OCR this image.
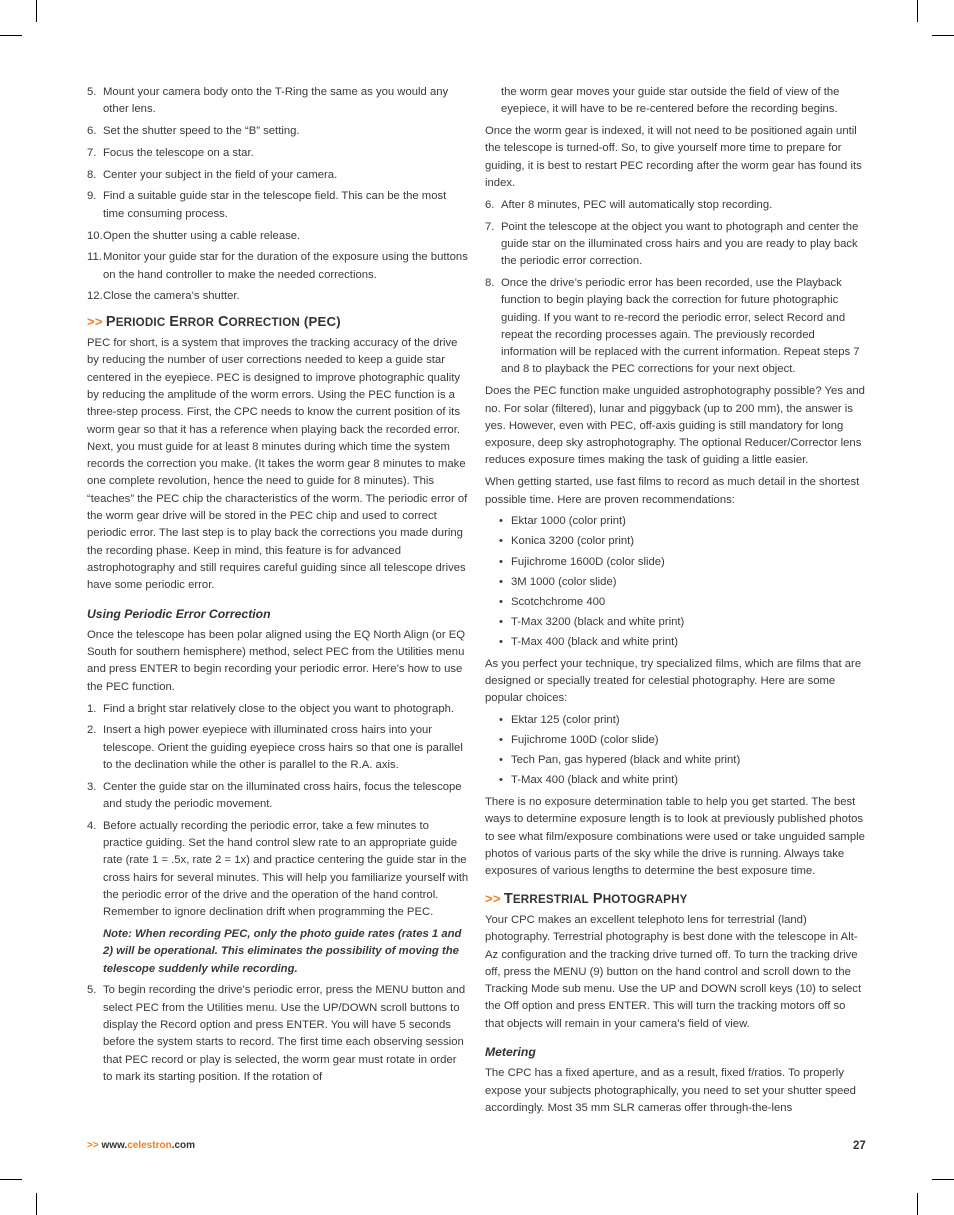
5. Mount your camera body onto the T-Ring the same as you would any other lens.
6. Set the shutter speed to the “B” setting.
7. Focus the telescope on a star.
8. Center your subject in the field of your camera.
9. Find a suitable guide star in the telescope field. This can be the most time consuming process.
10. Open the shutter using a cable release.
11. Monitor your guide star for the duration of the exposure using the buttons on the hand controller to make the needed corrections.
12. Close the camera’s shutter.
>> PERIODIC ERROR CORRECTION (PEC)

PEC for short, is a system that improves the tracking accuracy of the drive by reducing the number of user corrections needed to keep a guide star centered in the eyepiece. PEC is designed to improve photographic quality by reducing the amplitude of the worm errors. Using the PEC function is a three-step process. First, the CPC needs to know the current position of its worm gear so that it has a reference when playing back the recorded error. Next, you must guide for at least 8 minutes during which time the system records the correction you make. (It takes the worm gear 8 minutes to make one complete revolution, hence the need to guide for 8 minutes). This “teaches” the PEC chip the characteristics of the worm. The periodic error of the worm gear drive will be stored in the PEC chip and used to correct periodic error. The last step is to play back the corrections you made during the recording phase. Keep in mind, this feature is for advanced astrophotography and still requires careful guiding since all telescope drives have some periodic error.

Using Periodic Error Correction

Once the telescope has been polar aligned using the EQ North Align (or EQ South for southern hemisphere) method, select PEC from the Utilities menu and press ENTER to begin recording your periodic error. Here’s how to use the PEC function.

1. Find a bright star relatively close to the object you want to photograph.
2. Insert a high power eyepiece with illuminated cross hairs into your telescope. Orient the guiding eyepiece cross hairs so that one is parallel to the declination while the other is parallel to the R.A. axis.
3. Center the guide star on the illuminated cross hairs, focus the telescope and study the periodic movement.
4. Before actually recording the periodic error, take a few minutes to practice guiding. Set the hand control slew rate to an appropriate guide rate (rate 1 = .5x, rate 2 = 1x) and practice centering the guide star in the cross hairs for several minutes. This will help you familiarize yourself with the periodic error of the drive and the operation of the hand control. Remember to ignore declination drift when programming the PEC.

Note: When recording PEC, only the photo guide rates (rates 1 and 2) will be operational. This eliminates the possibility of moving the telescope suddenly while recording.

5. To begin recording the drive’s periodic error, press the MENU button and select PEC from the Utilities menu. Use the UP/DOWN scroll buttons to display the Record option and press ENTER. You will have 5 seconds before the system starts to record. The first time each observing session that PEC record or play is selected, the worm gear must rotate in order to mark its starting position. If the rotation of

the worm gear moves your guide star outside the field of view of the eyepiece, it will have to be re-centered before the recording begins.

Once the worm gear is indexed, it will not need to be positioned again until the telescope is turned-off. So, to give yourself more time to prepare for guiding, it is best to restart PEC recording after the worm gear has found its index.

6. After 8 minutes, PEC will automatically stop recording.
7. Point the telescope at the object you want to photograph and center the guide star on the illuminated cross hairs and you are ready to play back the periodic error correction.
8. Once the drive’s periodic error has been recorded, use the Playback function to begin playing back the correction for future photographic guiding. If you want to re-record the periodic error, select Record and repeat the recording processes again. The previously recorded information will be replaced with the current information. Repeat steps 7 and 8 to playback the PEC corrections for your next object.

Does the PEC function make unguided astrophotography possible? Yes and no. For solar (filtered), lunar and piggyback (up to 200 mm), the answer is yes. However, even with PEC, off-axis guiding is still mandatory for long exposure, deep sky astrophotography. The optional Reducer/Corrector lens reduces exposure times making the task of guiding a little easier.

When getting started, use fast films to record as much detail in the shortest possible time. Here are proven recommendations:

• Ektar 1000 (color print)
• Konica 3200 (color print)
• Fujichrome 1600D (color slide)
• 3M 1000 (color slide)
• Scotchchrome 400
• T-Max 3200 (black and white print)
• T-Max 400 (black and white print)

As you perfect your technique, try specialized films, which are films that are designed or specially treated for celestial photography. Here are some popular choices:

• Ektar 125 (color print)
• Fujichrome 100D (color slide)
• Tech Pan, gas hypered (black and white print)
• T-Max 400 (black and white print)

There is no exposure determination table to help you get started. The best ways to determine exposure length is to look at previously published photos to see what film/exposure combinations were used or take unguided sample photos of various parts of the sky while the drive is running. Always take exposures of various lengths to determine the best exposure time.

>> TERRESTRIAL PHOTOGRAPHY

Your CPC makes an excellent telephoto lens for terrestrial (land) photography. Terrestrial photography is best done with the telescope in Alt-Az configuration and the tracking drive turned off. To turn the tracking drive off, press the MENU (9) button on the hand control and scroll down to the Tracking Mode sub menu. Use the UP and DOWN scroll keys (10) to select the Off option and press ENTER. This will turn the tracking motors off so that objects will remain in your camera’s field of view.

Metering

The CPC has a fixed aperture, and as a result, fixed f/ratios. To properly expose your subjects photographically, you need to set your shutter speed accordingly. Most 35 mm SLR cameras offer through-the-lens

>> www.celestron.com	27
